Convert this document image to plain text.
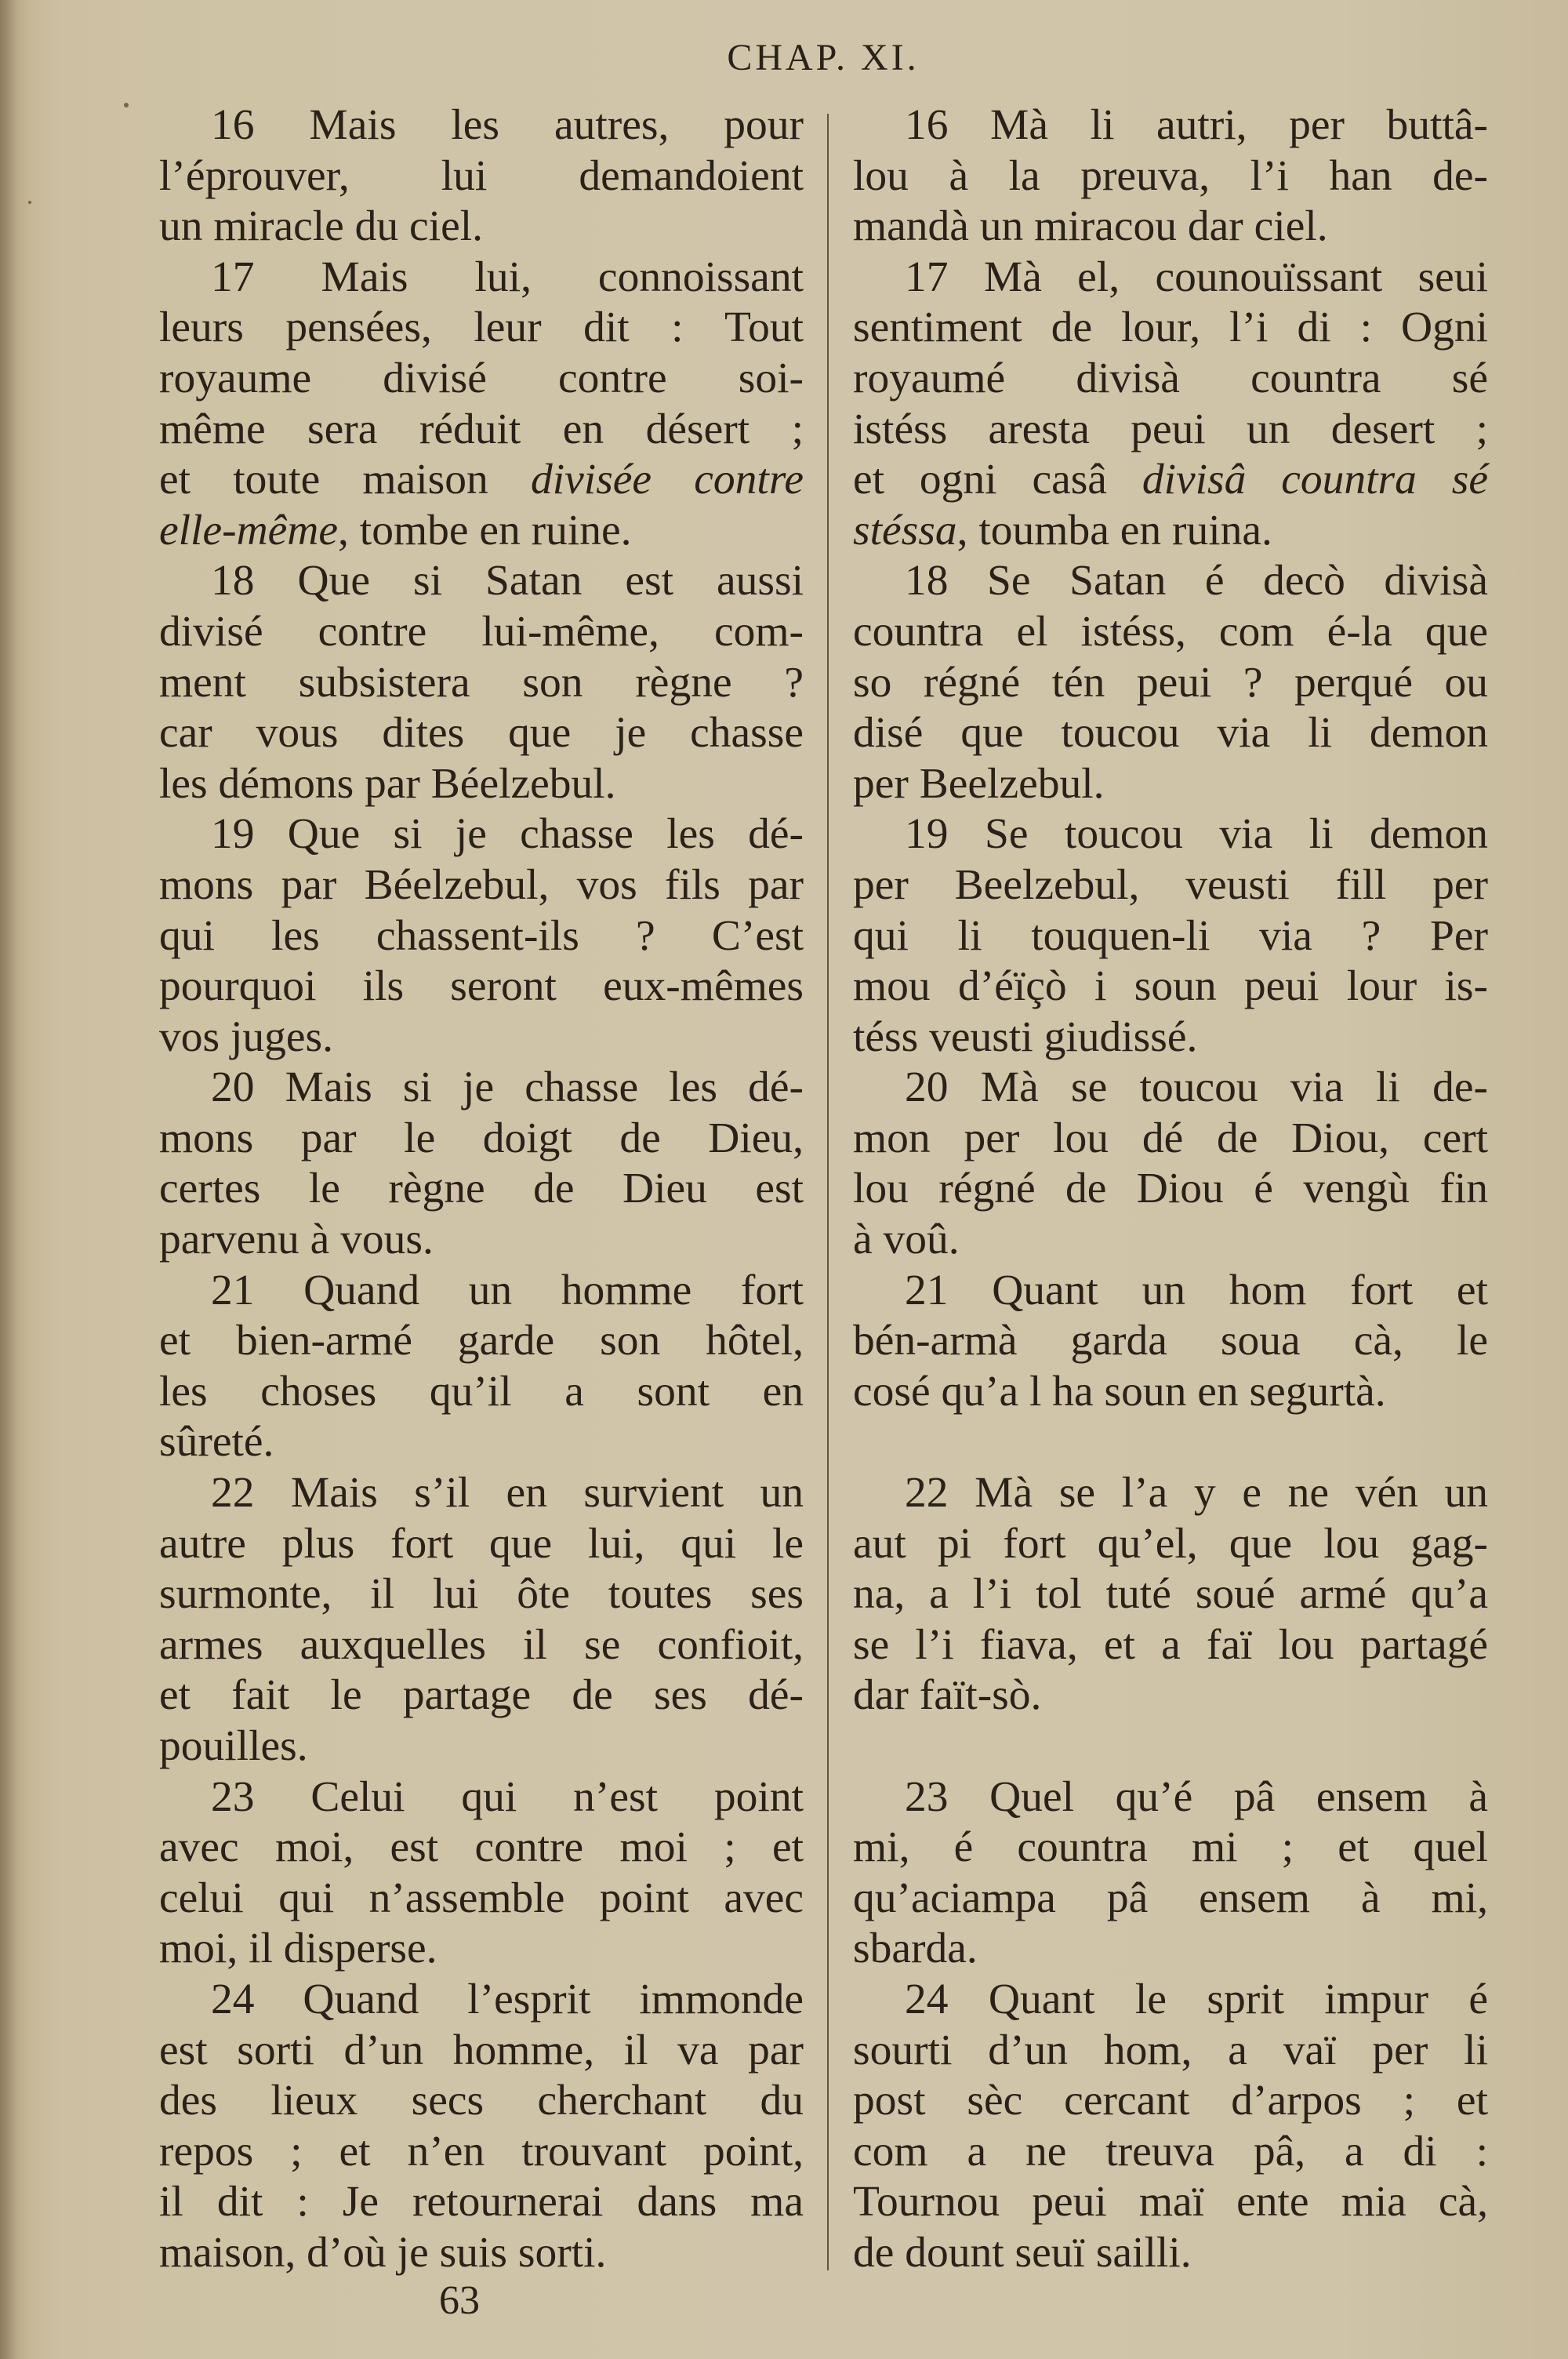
CHAP. XI.
16 Mais les autres, pour
l’éprouver, lui demandoient
un miracle du ciel.
17 Mais lui, connoissant
leurs pensées, leur dit : Tout
royaume divisé contre soi-
même sera réduit en désert ;
et toute maison divisée contre
elle-même, tombe en ruine.
18 Que si Satan est aussi
divisé contre lui-même, com-
ment subsistera son règne ?
car vous dites que je chasse
les démons par Béelzebul.
19 Que si je chasse les dé-
mons par Béelzebul, vos fils par
qui les chassent-ils ? C’est
pourquoi ils seront eux-mêmes
vos juges.
20 Mais si je chasse les dé-
mons par le doigt de Dieu,
certes le règne de Dieu est
parvenu à vous.
21 Quand un homme fort
et bien-armé garde son hôtel,
les choses qu’il a sont en
sûreté.
22 Mais s’il en survient un
autre plus fort que lui, qui le
surmonte, il lui ôte toutes ses
armes auxquelles il se confioit,
et fait le partage de ses dé-
pouilles.
23 Celui qui n’est point
avec moi, est contre moi ; et
celui qui n’assemble point avec
moi, il disperse.
24 Quand l’esprit immonde
est sorti d’un homme, il va par
des lieux secs cherchant du
repos ; et n’en trouvant point,
il dit : Je retournerai dans ma
maison, d’où je suis sorti.
16 Mà li autri, per buttâ-
lou à la preuva, l’i han de-
mandà un miracou dar ciel.
17 Mà el, counouïssant seui
sentiment de lour, l’i di : Ogni
royaumé divisà countra sé
istéss aresta peui un desert ;
et ogni casâ divisâ countra sé
stéssa, toumba en ruina.
18 Se Satan é decò divisà
countra el istéss, com é-la que
so régné tén peui ? perqué ou
disé que toucou via li demon
per Beelzebul.
19 Se toucou via li demon
per Beelzebul, veusti fill per
qui li touquen-li via ? Per
mou d’éïçò i soun peui lour is-
téss veusti giudissé.
20 Mà se toucou via li de-
mon per lou dé de Diou, cert
lou régné de Diou é vengù fin
à voû.
21 Quant un hom fort et
bén-armà garda soua cà, le
cosé qu’a l ha soun en segurtà.
22 Mà se l’a y e ne vén un
aut pi fort qu’el, que lou gag-
na, a l’i tol tuté soué armé qu’a
se l’i fiava, et a faï lou partagé
dar faït-sò.
23 Quel qu’é pâ ensem à
mi, é countra mi ; et quel
qu’aciampa pâ ensem à mi,
sbarda.
24 Quant le sprit impur é
sourti d’un hom, a vaï per li
post sèc cercant d’arpos ; et
com a ne treuva pâ, a di :
Tournou peui maï ente mia cà,
de dount seuï sailli.
63
